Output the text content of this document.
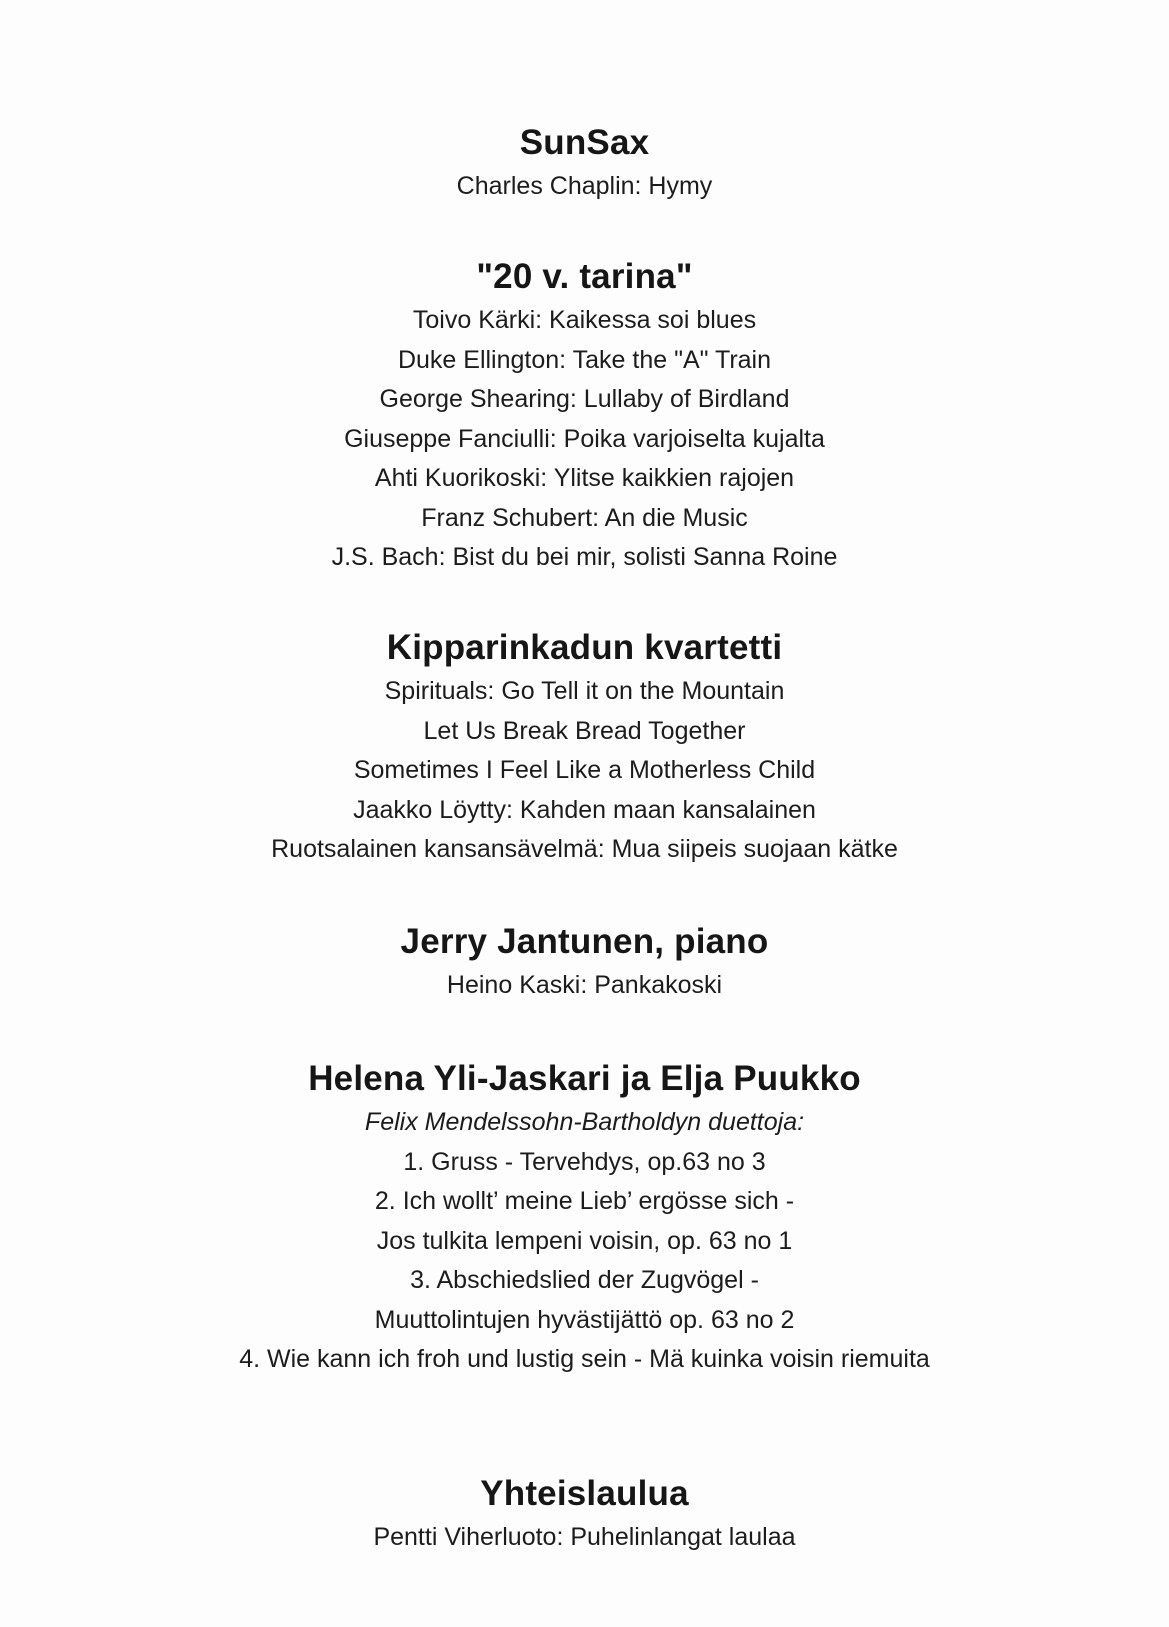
SunSax
Charles Chaplin: Hymy
"20 v. tarina"
Toivo Kärki: Kaikessa soi blues
Duke Ellington: Take the "A" Train
George Shearing: Lullaby of Birdland
Giuseppe Fanciulli: Poika varjoiselta kujalta
Ahti Kuorikoski: Ylitse kaikkien rajojen
Franz Schubert: An die Music
J.S. Bach: Bist du bei mir, solisti Sanna Roine
Kipparinkadun kvartetti
Spirituals: Go Tell it on the Mountain
Let Us Break Bread Together
Sometimes I Feel Like a Motherless Child
Jaakko Löytty: Kahden maan kansalainen
Ruotsalainen kansansävelmä: Mua siipeis suojaan kätke
Jerry Jantunen, piano
Heino Kaski: Pankakoski
Helena Yli-Jaskari ja Elja Puukko
Felix Mendelssohn-Bartholdyn duettoja:
1. Gruss - Tervehdys, op.63 no 3
2. Ich wollt’ meine Lieb’ ergösse sich -
Jos tulkita lempeni voisin, op. 63 no 1
3. Abschiedslied der Zugvögel -
Muuttolintujen hyvästijättö op. 63 no 2
4. Wie kann ich froh und lustig sein - Mä kuinka voisin riemuita
Yhteislaulua
Pentti Viherluoto: Puhelinlangat laulaa
